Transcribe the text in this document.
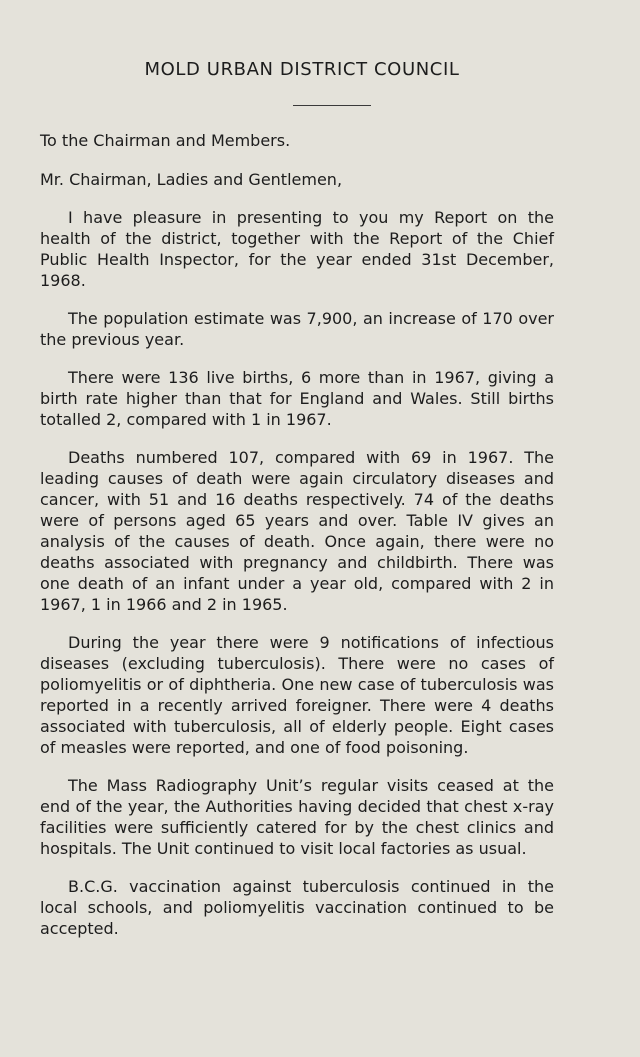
MOLD URBAN DISTRICT COUNCIL

To the Chairman and Members.

Mr. Chairman, Ladies and Gentlemen,

I have pleasure in presenting to you my Report on the health of the district, together with the Report of the Chief Public Health Inspector, for the year ended 31st December, 1968.

The population estimate was 7,900, an increase of 170 over the previous year.

There were 136 live births, 6 more than in 1967, giving a birth rate higher than that for England and Wales. Still births totalled 2, compared with 1 in 1967.

Deaths numbered 107, compared with 69 in 1967. The leading causes of death were again circulatory diseases and cancer, with 51 and 16 deaths respectively. 74 of the deaths were of persons aged 65 years and over. Table IV gives an analysis of the causes of death. Once again, there were no deaths associated with pregnancy and childbirth. There was one death of an infant under a year old, compared with 2 in 1967, 1 in 1966 and 2 in 1965.

During the year there were 9 notifications of infectious diseases (excluding tuberculosis). There were no cases of poliomyelitis or of diphtheria. One new case of tuberculosis was reported in a recently arrived foreigner. There were 4 deaths associated with tuberculosis, all of elderly people. Eight cases of measles were reported, and one of food poisoning.

The Mass Radiography Unit’s regular visits ceased at the end of the year, the Authorities having decided that chest x-ray facilities were sufficiently catered for by the chest clinics and hospitals. The Unit continued to visit local factories as usual.

B.C.G. vaccination against tuberculosis continued in the local schools, and poliomyelitis vaccination continued to be accepted.
